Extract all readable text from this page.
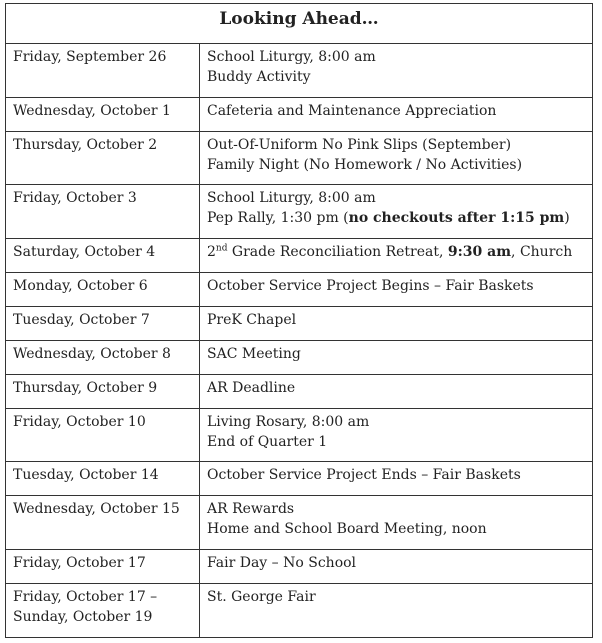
Looking Ahead…	

Friday, September 26	School Liturgy, 8:00 am
Buddy Activity

Wednesday, October 1	Cafeteria and Maintenance Appreciation

Thursday, October 2	Out-Of-Uniform No Pink Slips (September)
Family Night (No Homework / No Activities)

Friday, October 3	School Liturgy, 8:00 am
Pep Rally, 1:30 pm (no checkouts after 1:15 pm)

Saturday, October 4	2nd Grade Reconciliation Retreat, 9:30 am, Church

Monday, October 6	October Service Project Begins – Fair Baskets

Tuesday, October 7	PreK Chapel

Wednesday, October 8	SAC Meeting

Thursday, October 9	AR Deadline

Friday, October 10	Living Rosary, 8:00 am
End of Quarter 1

Tuesday, October 14	October Service Project Ends – Fair Baskets

Wednesday, October 15	AR Rewards
Home and School Board Meeting, noon

Friday, October 17	Fair Day – No School

Friday, October 17 –
Sunday, October 19	St. George Fair
